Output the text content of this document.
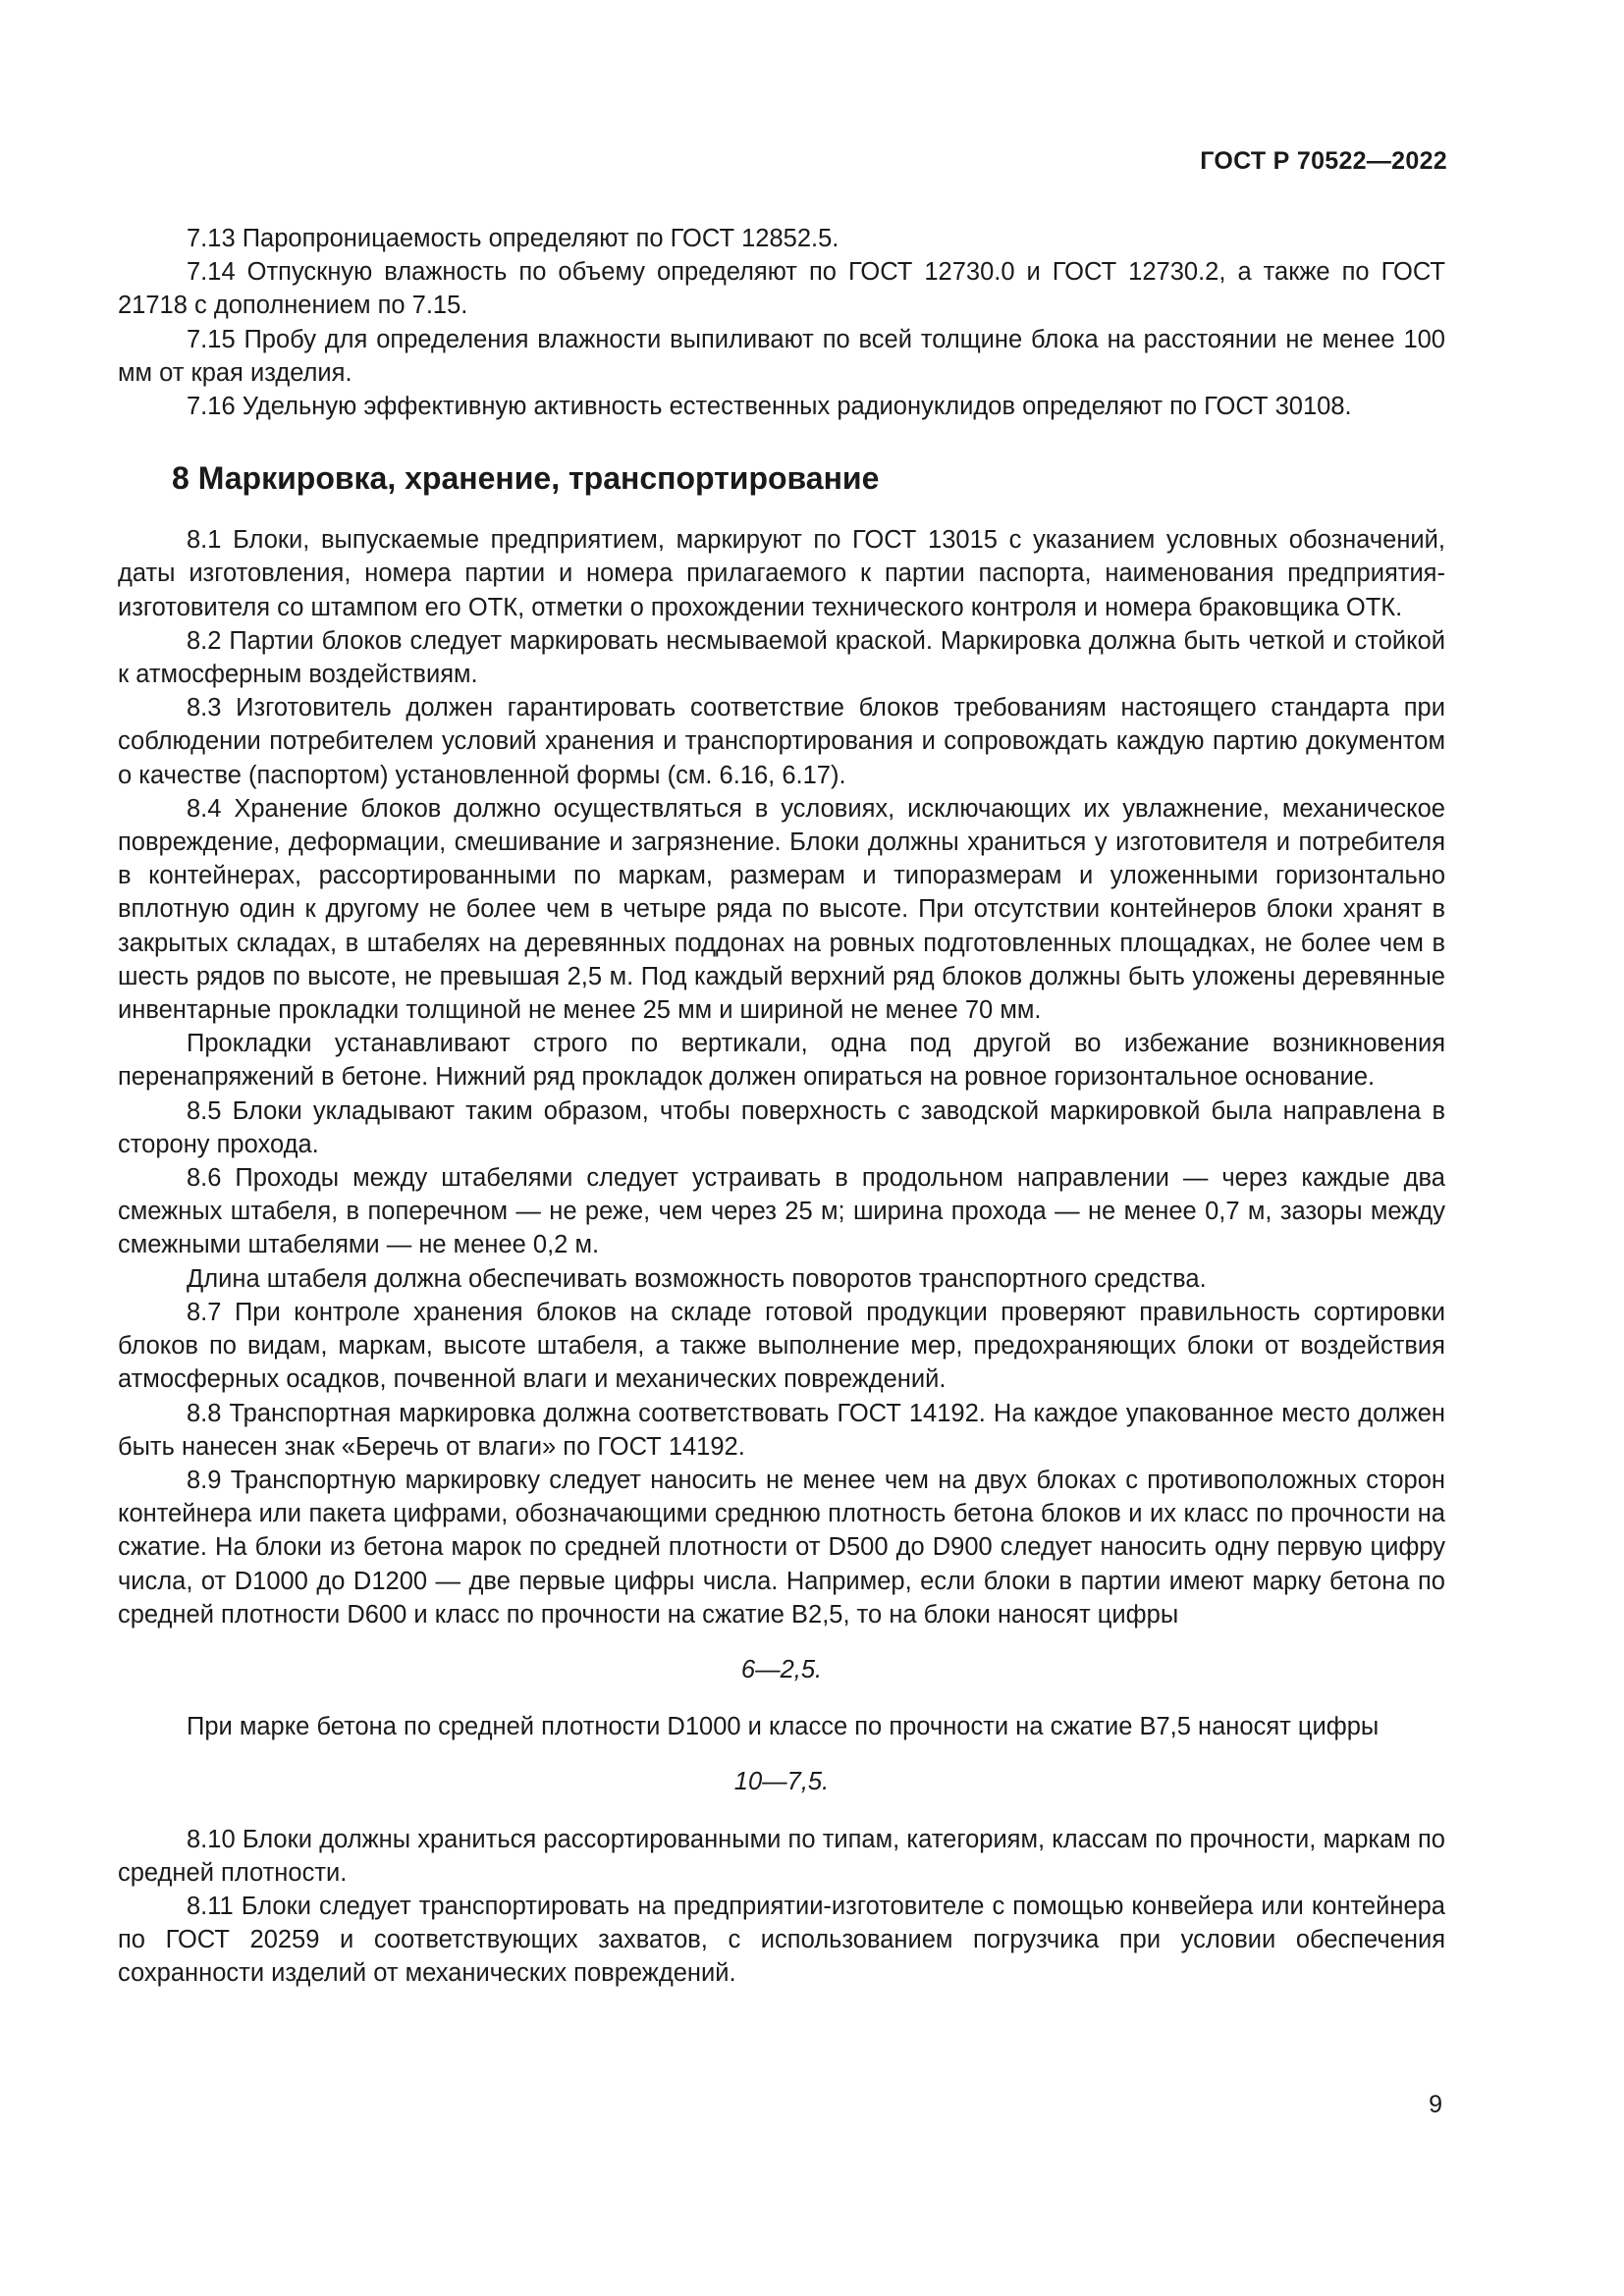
ГОСТ Р 70522—2022

7.13 Паропроницаемость определяют по ГОСТ 12852.5.

7.14 Отпускную влажность по объему определяют по ГОСТ 12730.0 и ГОСТ 12730.2, а также по ГОСТ 21718 с дополнением по 7.15.

7.15 Пробу для определения влажности выпиливают по всей толщине блока на расстоянии не менее 100 мм от края изделия.

7.16 Удельную эффективную активность естественных радионуклидов определяют по ГОСТ 30108.

8 Маркировка, хранение, транспортирование

8.1 Блоки, выпускаемые предприятием, маркируют по ГОСТ 13015 с указанием условных обозначений, даты изготовления, номера партии и номера прилагаемого к партии паспорта, наименования предприятия-изготовителя со штампом его ОТК, отметки о прохождении технического контроля и номера браковщика ОТК.

8.2 Партии блоков следует маркировать несмываемой краской. Маркировка должна быть четкой и стойкой к атмосферным воздействиям.

8.3 Изготовитель должен гарантировать соответствие блоков требованиям настоящего стандарта при соблюдении потребителем условий хранения и транспортирования и сопровождать каждую партию документом о качестве (паспортом) установленной формы (см. 6.16, 6.17).

8.4 Хранение блоков должно осуществляться в условиях, исключающих их увлажнение, механическое повреждение, деформации, смешивание и загрязнение. Блоки должны храниться у изготовителя и потребителя в контейнерах, рассортированными по маркам, размерам и типоразмерам и уложенными горизонтально вплотную один к другому не более чем в четыре ряда по высоте. При отсутствии контейнеров блоки хранят в закрытых складах, в штабелях на деревянных поддонах на ровных подготовленных площадках, не более чем в шесть рядов по высоте, не превышая 2,5 м. Под каждый верхний ряд блоков должны быть уложены деревянные инвентарные прокладки толщиной не менее 25 мм и шириной не менее 70 мм.

Прокладки устанавливают строго по вертикали, одна под другой во избежание возникновения перенапряжений в бетоне. Нижний ряд прокладок должен опираться на ровное горизонтальное основание.

8.5 Блоки укладывают таким образом, чтобы поверхность с заводской маркировкой была направлена в сторону прохода.

8.6 Проходы между штабелями следует устраивать в продольном направлении — через каждые два смежных штабеля, в поперечном — не реже, чем через 25 м; ширина прохода — не менее 0,7 м, зазоры между смежными штабелями — не менее 0,2 м.

Длина штабеля должна обеспечивать возможность поворотов транспортного средства.

8.7 При контроле хранения блоков на складе готовой продукции проверяют правильность сортировки блоков по видам, маркам, высоте штабеля, а также выполнение мер, предохраняющих блоки от воздействия атмосферных осадков, почвенной влаги и механических повреждений.

8.8 Транспортная маркировка должна соответствовать ГОСТ 14192. На каждое упакованное место должен быть нанесен знак «Беречь от влаги» по ГОСТ 14192.

8.9 Транспортную маркировку следует наносить не менее чем на двух блоках с противоположных сторон контейнера или пакета цифрами, обозначающими среднюю плотность бетона блоков и их класс по прочности на сжатие. На блоки из бетона марок по средней плотности от D500 до D900 следует наносить одну первую цифру числа, от D1000 до D1200 — две первые цифры числа. Например, если блоки в партии имеют марку бетона по средней плотности D600 и класс по прочности на сжатие B2,5, то на блоки наносят цифры

6—2,5.

При марке бетона по средней плотности D1000 и классе по прочности на сжатие B7,5 наносят цифры

10—7,5.

8.10 Блоки должны храниться рассортированными по типам, категориям, классам по прочности, маркам по средней плотности.

8.11 Блоки следует транспортировать на предприятии-изготовителе с помощью конвейера или контейнера по ГОСТ 20259 и соответствующих захватов, с использованием погрузчика при условии обеспечения сохранности изделий от механических повреждений.

9
